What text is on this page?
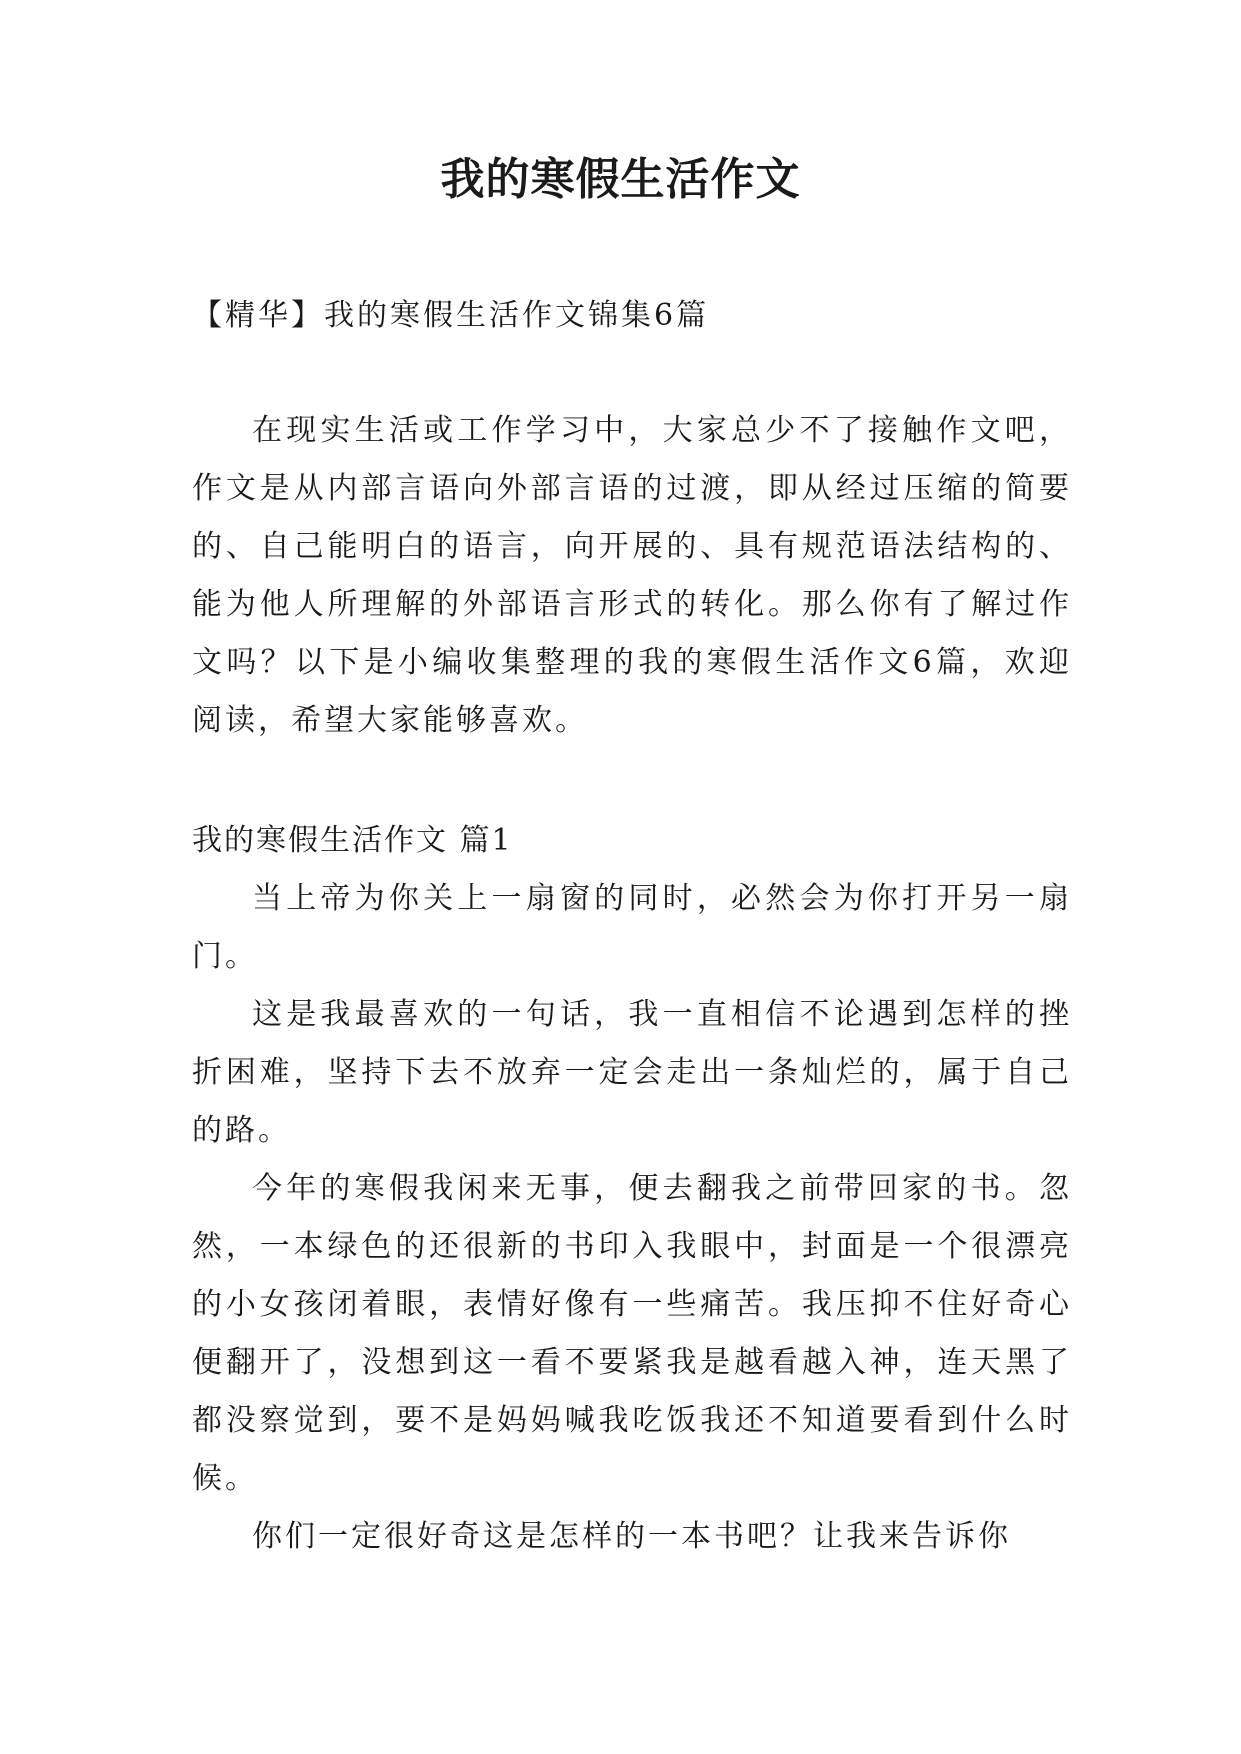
我的寒假生活作文
【精华】我的寒假生活作文锦集6篇

在现实生活或工作学习中，大家总少不了接触作文吧，作文是从内部言语向外部言语的过渡，即从经过压缩的简要的、自己能明白的语言，向开展的、具有规范语法结构的、能为他人所理解的外部语言形式的转化。那么你有了解过作文吗？以下是小编收集整理的我的寒假生活作文6篇，欢迎阅读，希望大家能够喜欢。

我的寒假生活作文 篇1

当上帝为你关上一扇窗的同时，必然会为你打开另一扇门。

这是我最喜欢的一句话，我一直相信不论遇到怎样的挫折困难，坚持下去不放弃一定会走出一条灿烂的，属于自己的路。

今年的寒假我闲来无事，便去翻我之前带回家的书。忽然，一本绿色的还很新的书印入我眼中，封面是一个很漂亮的小女孩闭着眼，表情好像有一些痛苦。我压抑不住好奇心便翻开了，没想到这一看不要紧我是越看越入神，连天黑了都没察觉到，要不是妈妈喊我吃饭我还不知道要看到什么时候。

你们一定很好奇这是怎样的一本书吧？让我来告诉你
